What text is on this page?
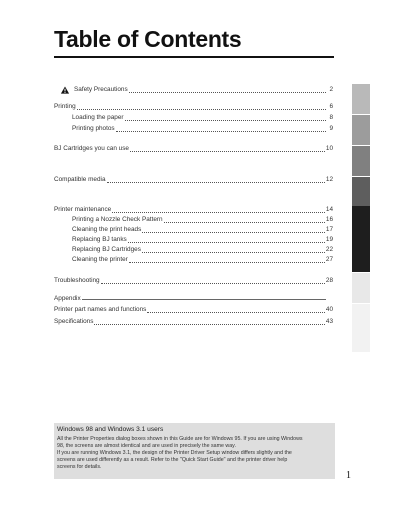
Table of Contents
Safety Precautions	2
Printing	6
Loading the paper	8
Printing photos	9
BJ Cartridges you can use	10
Compatible media	12
Printer maintenance	14
Printing a Nozzle Check Pattern	16
Cleaning the print heads	17
Replacing BJ tanks	19
Replacing BJ Cartridges	22
Cleaning the printer	27
Troubleshooting	28
Appendix
Printer part names and functions	40
Specifications	43
Windows 98 and Windows 3.1 users
All the Printer Properties dialog boxes shown in this Guide are for Windows 95. If you are using Windows
98, the screens are almost identical and are used in precisely the same way.
If you are running Windows 3.1, the design of the Printer Driver Setup window differs slightly and the
screens are used differently as a result. Refer to the "Quick Start Guide" and the printer driver help
screens for details.
1
